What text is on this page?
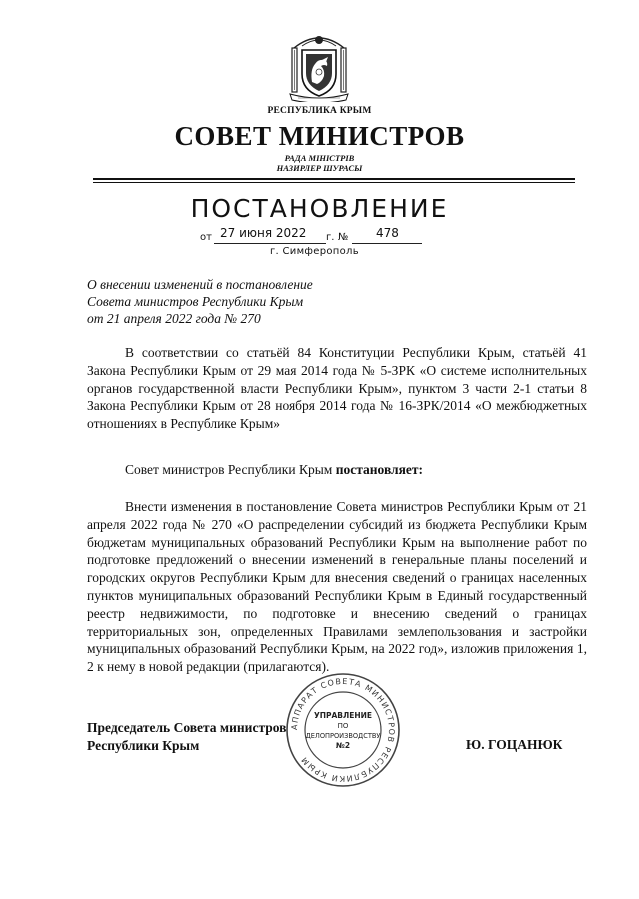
РЕСПУБЛИКА КРЫМ
СОВЕТ МИНИСТРОВ
РАДА МІНІСТРІВ
НАЗИРЛЕР ШУРАСЫ
ПОСТАНОВЛЕНИЕ
от 27 июня 2022 г. № 478
г. Симферополь
О внесении изменений в постановление
Совета министров Республики Крым
от 21 апреля 2022 года № 270
В соответствии со статьёй 84 Конституции Республики Крым, статьёй 41 Закона Республики Крым от 29 мая 2014 года № 5-ЗРК «О системе исполнительных органов государственной власти Республики Крым», пунктом 3 части 2-1 статьи 8 Закона Республики Крым от 28 ноября 2014 года № 16-ЗРК/2014 «О межбюджетных отношениях в Республике Крым»
Совет министров Республики Крым постановляет:
Внести изменения в постановление Совета министров Республики Крым от 21 апреля 2022 года № 270 «О распределении субсидий из бюджета Республики Крым бюджетам муниципальных образований Республики Крым на выполнение работ по подготовке предложений о внесении изменений в генеральные планы поселений и городских округов Республики Крым для внесения сведений о границах населенных пунктов муниципальных образований Республики Крым в Единый государственный реестр недвижимости, по подготовке и внесению сведений о границах территориальных зон, определенных Правилами землепользования и застройки муниципальных образований Республики Крым, на 2022 год», изложив приложения 1, 2 к нему в новой редакции (прилагаются).
Председатель Совета министров
Республики Крым	Ю. ГОЦАНЮК
АППАРАТ СОВЕТА МИНИСТРОВ РЕСПУБЛИКИ КРЫМ
УПРАВЛЕНИЕ
ПО
ДЕЛОПРОИЗВОДСТВУ
№2
